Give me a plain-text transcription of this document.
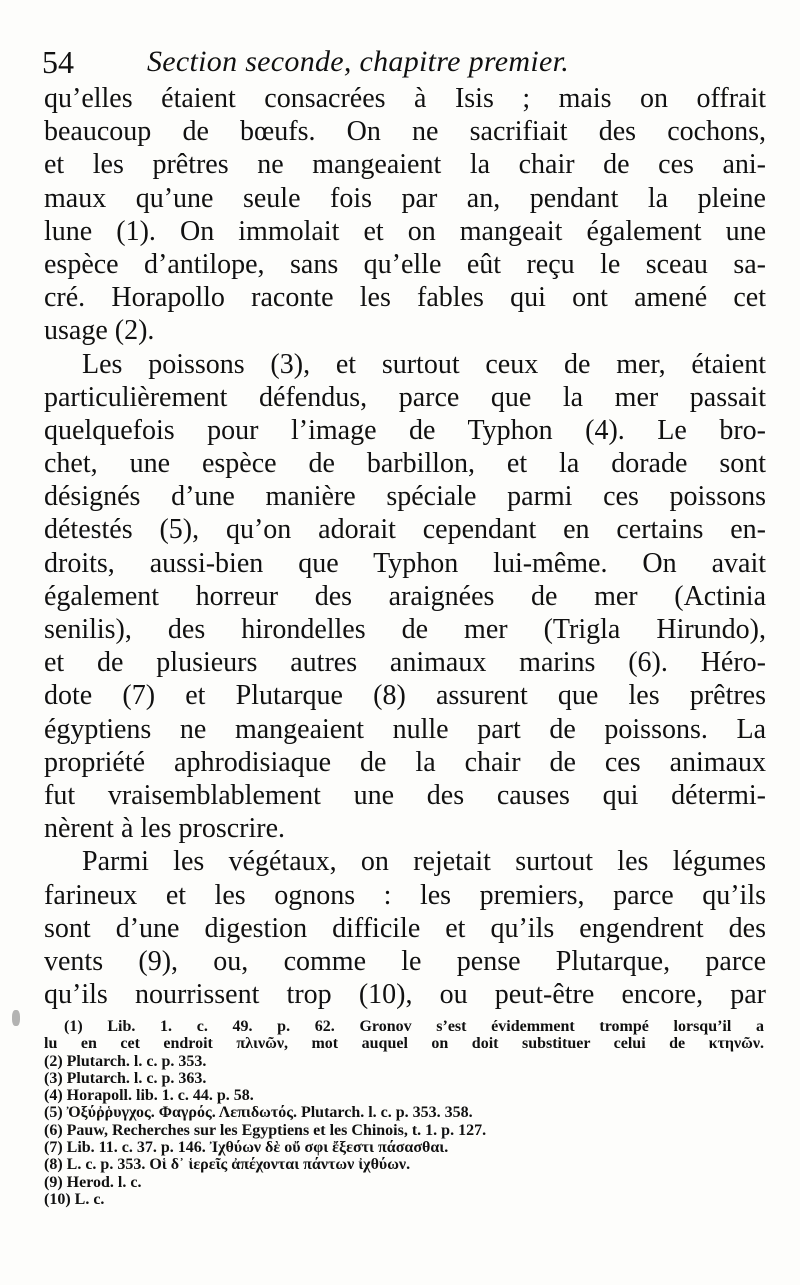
54 Section seconde, chapitre premier.
qu’elles étaient consacrées à Isis ; mais on offrait
beaucoup de bœufs. On ne sacrifiait des cochons,
et les prêtres ne mangeaient la chair de ces ani-
maux qu’une seule fois par an, pendant la pleine
lune (1). On immolait et on mangeait également une
espèce d’antilope, sans qu’elle eût reçu le sceau sa-
cré. Horapollo raconte les fables qui ont amené cet
usage (2).
Les poissons (3), et surtout ceux de mer, étaient
particulièrement défendus, parce que la mer passait
quelquefois pour l’image de Typhon (4). Le bro-
chet, une espèce de barbillon, et la dorade sont
désignés d’une manière spéciale parmi ces poissons
détestés (5), qu’on adorait cependant en certains en-
droits, aussi-bien que Typhon lui-même. On avait
également horreur des araignées de mer (Actinia
senilis), des hirondelles de mer (Trigla Hirundo),
et de plusieurs autres animaux marins (6). Héro-
dote (7) et Plutarque (8) assurent que les prêtres
égyptiens ne mangeaient nulle part de poissons. La
propriété aphrodisiaque de la chair de ces animaux
fut vraisemblablement une des causes qui détermi-
nèrent à les proscrire.
Parmi les végétaux, on rejetait surtout les légumes
farineux et les ognons : les premiers, parce qu’ils
sont d’une digestion difficile et qu’ils engendrent des
vents (9), ou, comme le pense Plutarque, parce
qu’ils nourrissent trop (10), ou peut-être encore, par
(1) Lib. 1. c. 49. p. 62. Gronov s’est évidemment trompé lorsqu’il a
lu en cet endroit πλινῶν, mot auquel on doit substituer celui de κτηνῶν.
(2) Plutarch. l. c. p. 353.
(3) Plutarch. l. c. p. 363.
(4) Horapoll. lib. 1. c. 44. p. 58.
(5) Ὀξύῤῥυγχος. Φαγρός. Λεπιδωτός. Plutarch. l. c. p. 353. 358.
(6) Pauw, Recherches sur les Egyptiens et les Chinois, t. 1. p. 127.
(7) Lib. 11. c. 37. p. 146. Ἰχθύων δὲ οὔ σφι ἔξεστι πάσασθαι.
(8) L. c. p. 353. Οἱ δ᾽ ἱερεῖς ἀπέχονται πάντων ἰχθύων.
(9) Herod. l. c.
(10) L. c.
